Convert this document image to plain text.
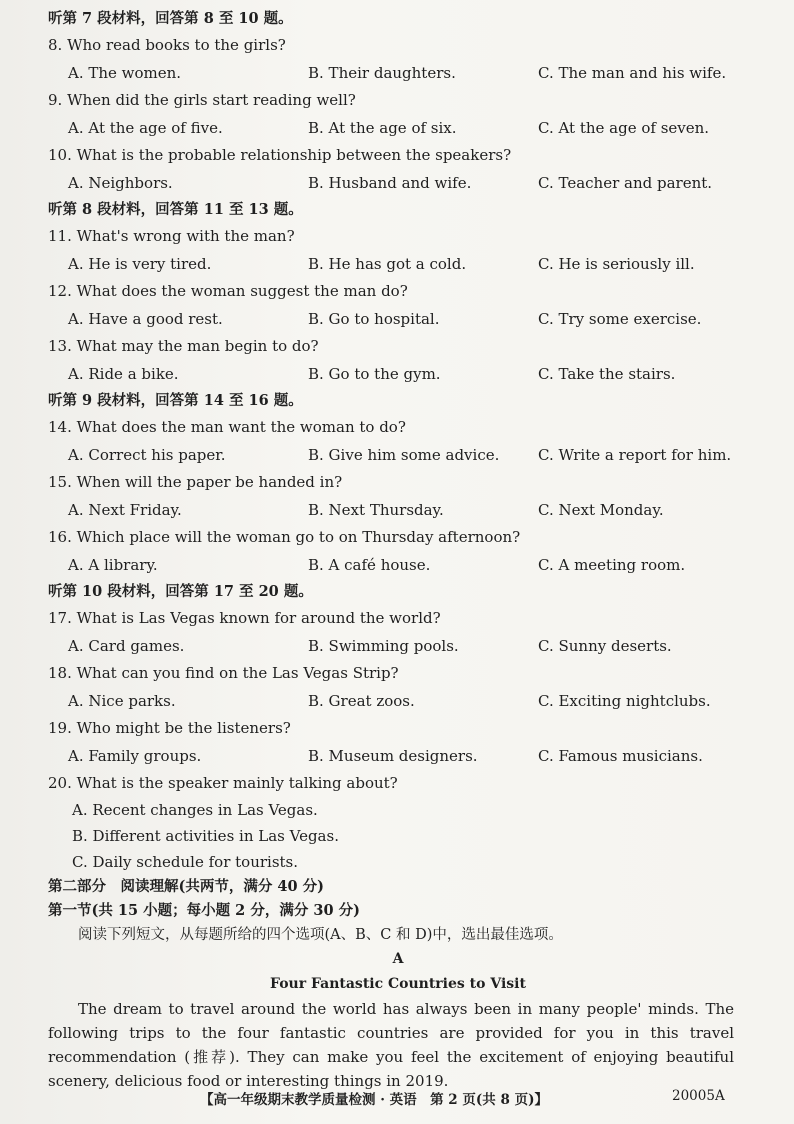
听第 7 段材料，回答第 8 至 10 题。
8. Who read books to the girls?
A. The women.	B. Their daughters.	C. The man and his wife.
9. When did the girls start reading well?
A. At the age of five.	B. At the age of six.	C. At the age of seven.
10. What is the probable relationship between the speakers?
A. Neighbors.	B. Husband and wife.	C. Teacher and parent.
听第 8 段材料，回答第 11 至 13 题。
11. What's wrong with the man?
A. He is very tired.	B. He has got a cold.	C. He is seriously ill.
12. What does the woman suggest the man do?
A. Have a good rest.	B. Go to hospital.	C. Try some exercise.
13. What may the man begin to do?
A. Ride a bike.	B. Go to the gym.	C. Take the stairs.
听第 9 段材料，回答第 14 至 16 题。
14. What does the man want the woman to do?
A. Correct his paper.	B. Give him some advice.	C. Write a report for him.
15. When will the paper be handed in?
A. Next Friday.	B. Next Thursday.	C. Next Monday.
16. Which place will the woman go to on Thursday afternoon?
A. A library.	B. A café house.	C. A meeting room.
听第 10 段材料，回答第 17 至 20 题。
17. What is Las Vegas known for around the world?
A. Card games.	B. Swimming pools.	C. Sunny deserts.
18. What can you find on the Las Vegas Strip?
A. Nice parks.	B. Great zoos.	C. Exciting nightclubs.
19. Who might be the listeners?
A. Family groups.	B. Museum designers.	C. Famous musicians.
20. What is the speaker mainly talking about?
A. Recent changes in Las Vegas.
B. Different activities in Las Vegas.
C. Daily schedule for tourists.
第二部分　阅读理解(共两节，满分 40 分)
第一节(共 15 小题；每小题 2 分，满分 30 分)
阅读下列短文，从每题所给的四个选项(A、B、C 和 D)中，选出最佳选项。
A
Four Fantastic Countries to Visit
The dream to travel around the world has always been in many people' minds. The following trips to the four fantastic countries are provided for you in this travel recommendation (推荐). They can make you feel the excitement of enjoying beautiful scenery, delicious food or interesting things in 2019.
【高一年级期末教学质量检测 · 英语　第 2 页(共 8 页)】	20005A
